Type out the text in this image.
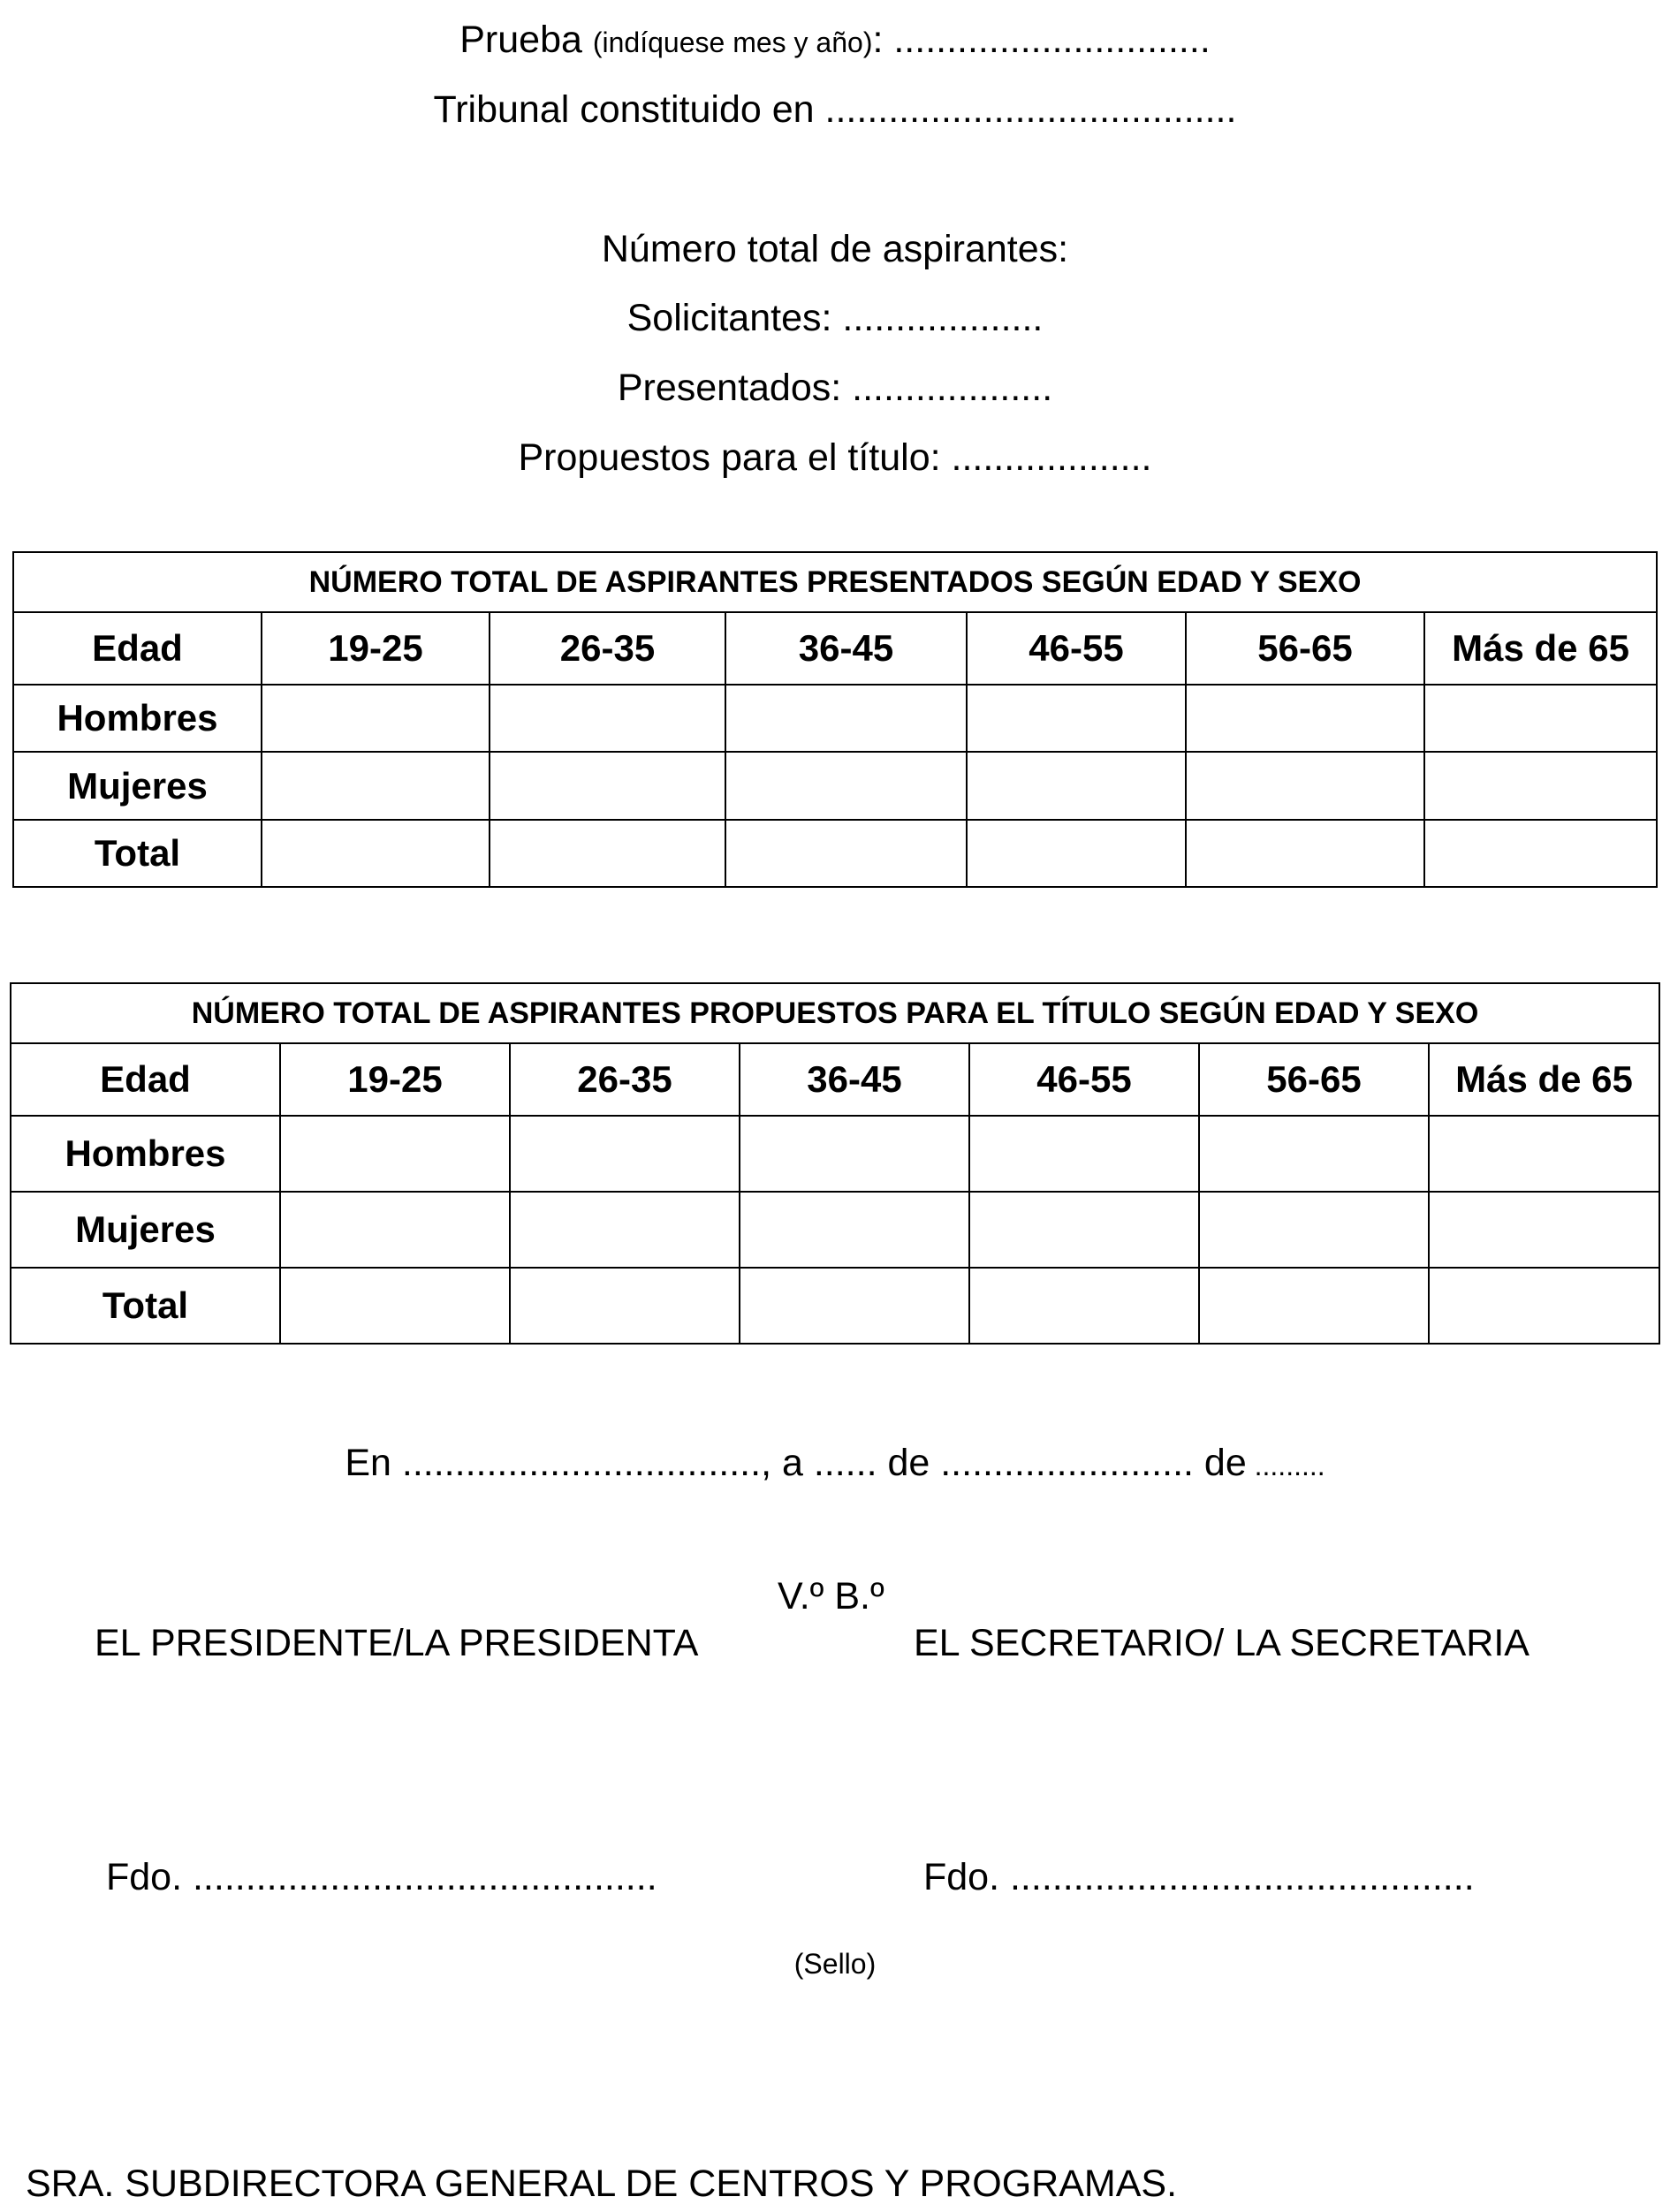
Prueba (indíquese mes y año): ..............................
Tribunal constituido en .......................................
Número total de aspirantes:
Solicitantes: ...................
Presentados: ...................
Propuestos para el título: ...................
NÚMERO TOTAL DE ASPIRANTES PRESENTADOS SEGÚN EDAD Y SEXO						
Edad	19-25	26-35	36-45	46-55	56-65	Más de 65
Hombres						
Mujeres						
Total						
NÚMERO TOTAL DE ASPIRANTES PROPUESTOS PARA EL TÍTULO SEGÚN EDAD Y SEXO						
Edad	19-25	26-35	36-45	46-55	56-65	Más de 65
Hombres						
Mujeres						
Total						
En .................................., a ...... de ........................ de .........
V.º B.º
EL PRESIDENTE/LA PRESIDENTA	EL SECRETARIO/ LA SECRETARIA
Fdo. ............................................	Fdo. ............................................
(Sello)
SRA. SUBDIRECTORA GENERAL DE CENTROS Y PROGRAMAS.
